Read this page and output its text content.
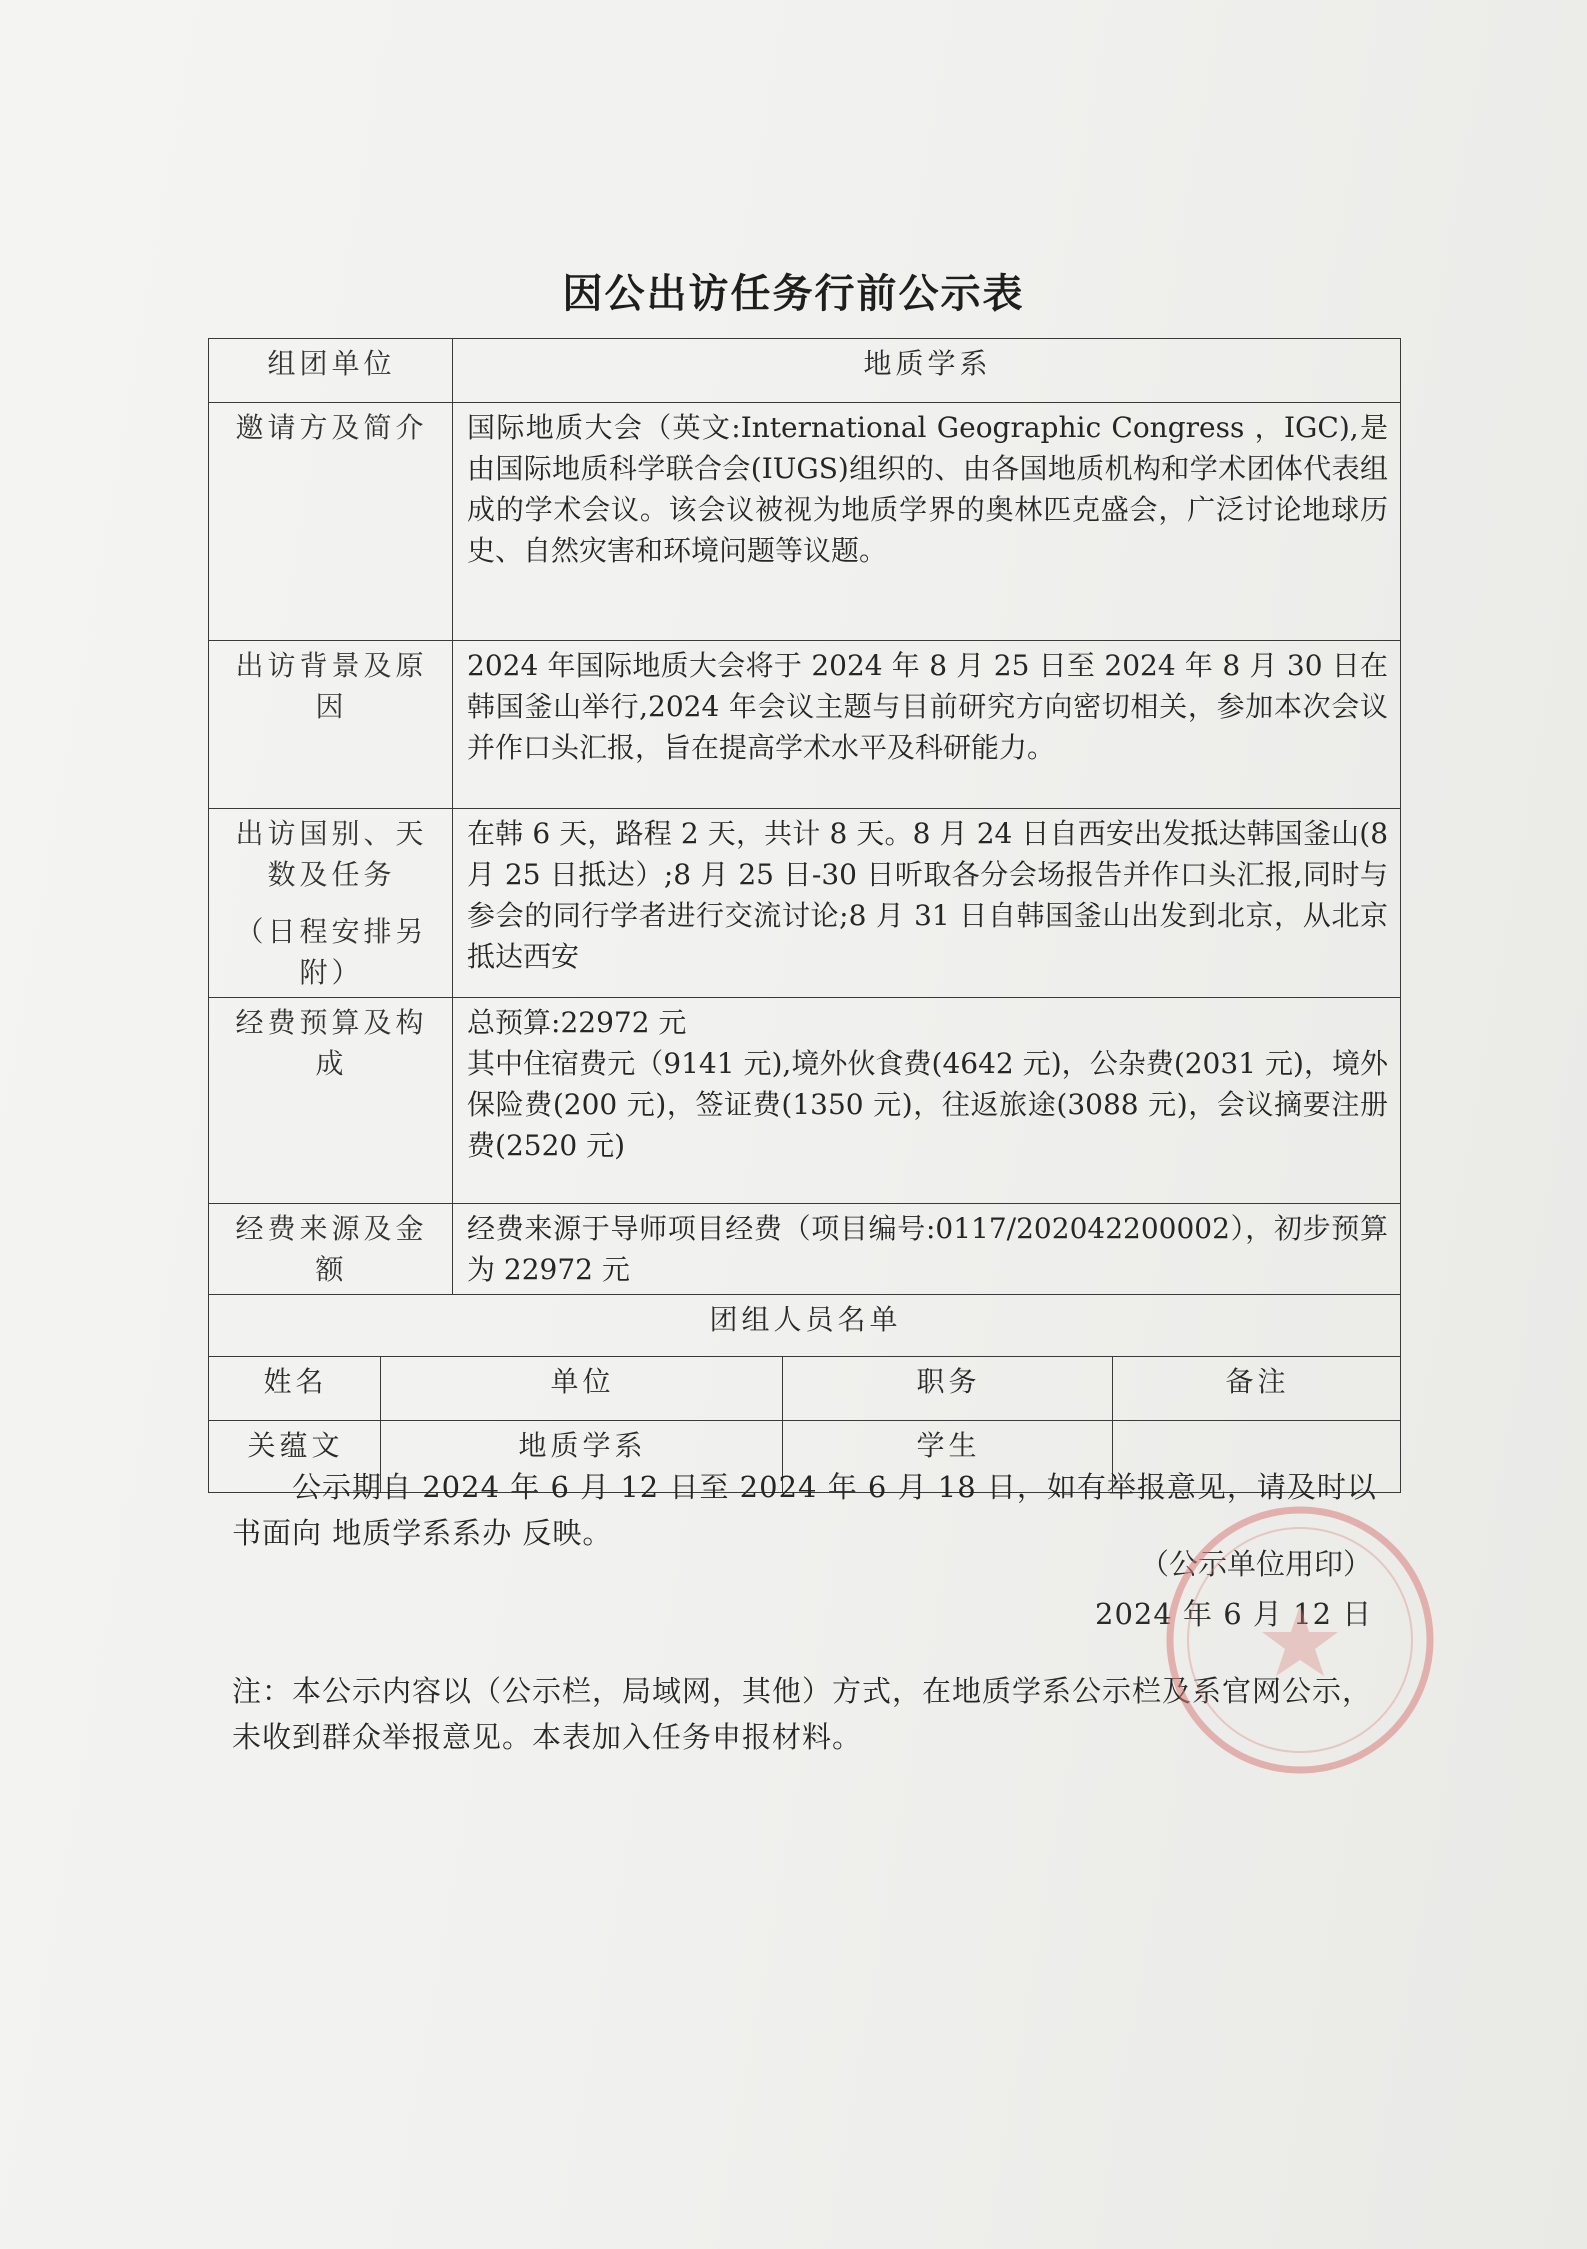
因公出访任务行前公示表
组团单位		地质学系		
邀请方及简介		国际地质大会（英文:International Geographic Congress ，IGC),是由国际地质科学联合会(IUGS)组织的、由各国地质机构和学术团体代表组成的学术会议。该会议被视为地质学界的奥林匹克盛会，广泛讨论地球历史、自然灾害和环境问题等议题。		
出访背景及原因		2024 年国际地质大会将于 2024 年 8 月 25 日至 2024 年 8 月 30 日在韩国釜山举行,2024 年会议主题与目前研究方向密切相关，参加本次会议并作口头汇报，旨在提高学术水平及科研能力。		

出访国别、天数及任务
（日程安排另附）		在韩 6 天，路程 2 天，共计 8 天。8 月 24 日自西安出发抵达韩国釜山(8 月 25 日抵达）;8 月 25 日-30 日听取各分会场报告并作口头汇报,同时与参会的同行学者进行交流讨论;8 月 31 日自韩国釜山出发到北京，从北京抵达西安		
经费预算及构成		总预算:22972 元
其中住宿费元（9141 元),境外伙食费(4642 元)，公杂费(2031 元)，境外保险费(200 元)，签证费(1350 元)，往返旅途(3088 元)，会议摘要注册费(2520 元)		

经费来源及金额		经费来源于导师项目经费（项目编号:0117/202042200002），初步预算为 22972 元		
团组人员名单				
姓名	单位		职务	备注
关蕴文	地质学系		学生	
公示期自 2024 年 6 月 12 日至 2024 年 6 月 18 日，如有举报意见，请及时以书面向 地质学系系办 反映。
（公示单位用印）
2024 年 6 月 12 日
注：本公示内容以（公示栏，局域网，其他）方式，在地质学系公示栏及系官网公示，未收到群众举报意见。本表加入任务申报材料。
